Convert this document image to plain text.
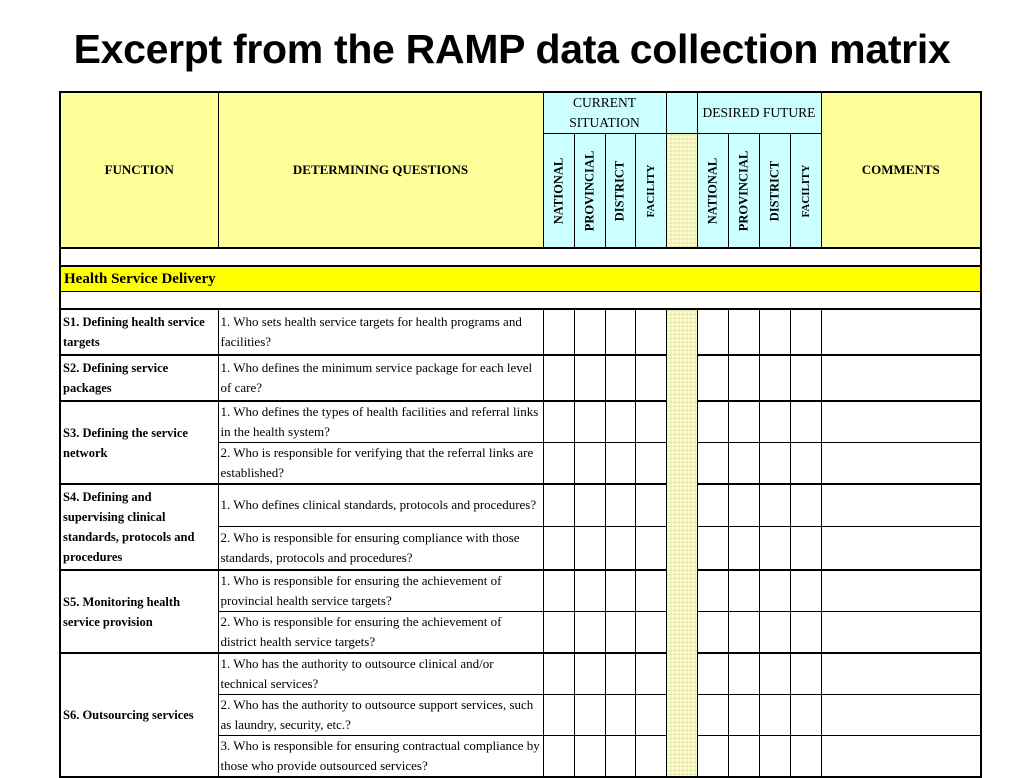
Excerpt from the RAMP data collection matrix
FUNCTION	DETERMINING QUESTIONS	CURRENT SITUATION					DESIRED FUTURE				COMMENTS

		NATIONAL	PROVINCIAL	DISTRICT	FACILITY		NATIONAL	PROVINCIAL	DISTRICT	FACILITY	

Health Service Delivery											

S1. Defining health service targets	1. Who sets health service targets for health programs and facilities?										
S2. Defining service packages	1. Who defines the minimum service package for each level of care?										
S3. Defining the service network	1. Who defines the types of health facilities and referral links in the health system?										
	2. Who is responsible for verifying that the referral links are established?										
S4. Defining and supervising clinical standards, protocols and procedures	1. Who defines clinical standards, protocols and procedures?										
	2. Who is responsible for ensuring compliance with those standards, protocols and procedures?										
S5. Monitoring health service provision	1. Who is responsible for ensuring the achievement of provincial health service targets?										
	2. Who is responsible for ensuring the achievement of district health service targets?										
S6. Outsourcing services	1. Who has the authority to outsource clinical and/or technical services?										
	2. Who has the authority to outsource support services, such as laundry, security, etc.?										
	3. Who is responsible for ensuring contractual compliance by those who provide outsourced services?										
